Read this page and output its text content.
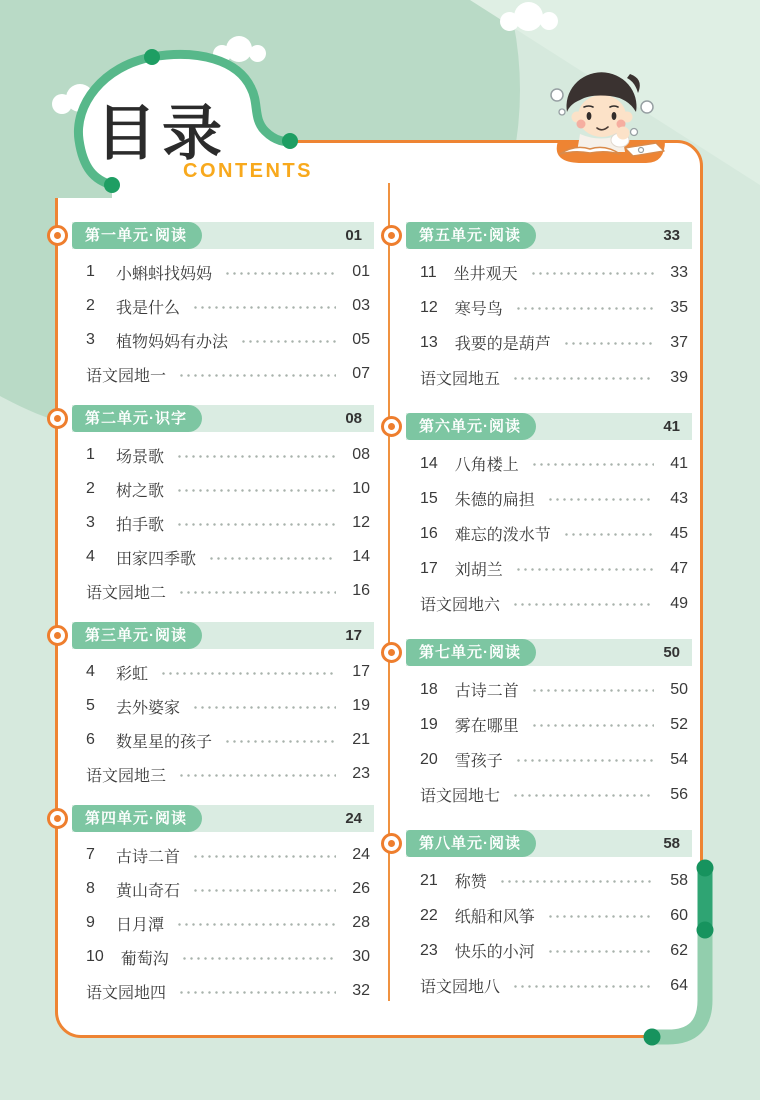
第一单元·阅读	01
1 小蝌蚪找妈妈	01
2 我是什么	03
3 植物妈妈有办法	05
语文园地一	07
第二单元·识字	08
1 场景歌	08
2 树之歌	10
3 拍手歌	12
4 田家四季歌	14
语文园地二	16
第三单元·阅读	17
4 彩虹	17
5 去外婆家	19
6 数星星的孩子	21
语文园地三	23
第四单元·阅读	24
7 古诗二首	24
8 黄山奇石	26
9 日月潭	28
10 葡萄沟	30
语文园地四	32
第五单元·阅读	33
11 坐井观天	33
12 寒号鸟	35
13 我要的是葫芦	37
语文园地五	39
第六单元·阅读	41
14 八角楼上	41
15 朱德的扁担	43
16 难忘的泼水节	45
17 刘胡兰	47
语文园地六	49
第七单元·阅读	50
18 古诗二首	50
19 雾在哪里	52
20 雪孩子	54
语文园地七	56
第八单元·阅读	58
21 称赞	58
22 纸船和风筝	60
23 快乐的小河	62
语文园地八	64
目录
CONTENTS
